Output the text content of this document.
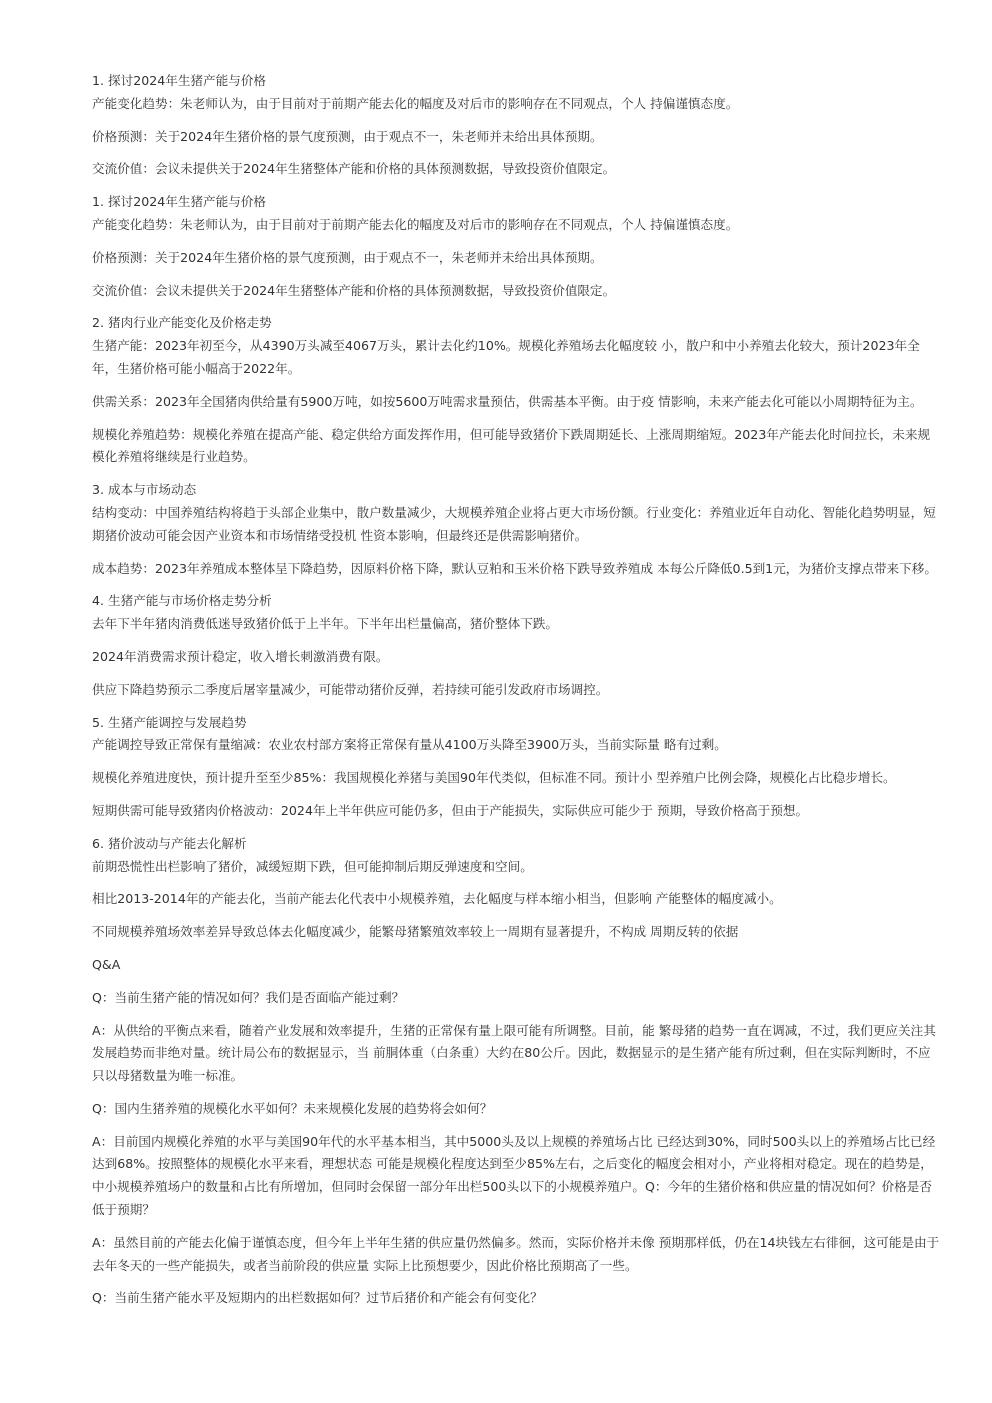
1. 探讨2024年生猪产能与价格

产能变化趋势：朱老师认为，由于目前对于前期产能去化的幅度及对后市的影响存在不同观点，个人 持偏谨慎态度。

价格预测：关于2024年生猪价格的景气度预测，由于观点不一，朱老师并未给出具体预期。

交流价值：会议未提供关于2024年生猪整体产能和价格的具体预测数据，导致投资价值限定。

1. 探讨2024年生猪产能与价格

产能变化趋势：朱老师认为，由于目前对于前期产能去化的幅度及对后市的影响存在不同观点，个人 持偏谨慎态度。

价格预测：关于2024年生猪价格的景气度预测，由于观点不一，朱老师并未给出具体预期。

交流价值：会议未提供关于2024年生猪整体产能和价格的具体预测数据，导致投资价值限定。

2. 猪肉行业产能变化及价格走势

生猪产能：2023年初至今，从4390万头减至4067万头，累计去化约10%。规模化养殖场去化幅度较 小，散户和中小养殖去化较大，预计2023年全年，生猪价格可能小幅高于2022年。

供需关系：2023年全国猪肉供给量有5900万吨，如按5600万吨需求量预估，供需基本平衡。由于疫 情影响，未来产能去化可能以小周期特征为主。

规模化养殖趋势：规模化养殖在提高产能、稳定供给方面发挥作用，但可能导致猪价下跌周期延长、上涨周期缩短。2023年产能去化时间拉长，未来规模化养殖将继续是行业趋势。

3. 成本与市场动态

结构变动：中国养殖结构将趋于头部企业集中，散户数量减少，大规模养殖企业将占更大市场份额。行业变化：养殖业近年自动化、智能化趋势明显，短期猪价波动可能会因产业资本和市场情绪受投机 性资本影响，但最终还是供需影响猪价。

成本趋势：2023年养殖成本整体呈下降趋势，因原料价格下降，默认豆粕和玉米价格下跌导致养殖成 本每公斤降低0.5到1元，为猪价支撑点带来下移。

4. 生猪产能与市场价格走势分析

去年下半年猪肉消费低迷导致猪价低于上半年。下半年出栏量偏高，猪价整体下跌。

2024年消费需求预计稳定，收入增长刺激消费有限。

供应下降趋势预示二季度后屠宰量减少，可能带动猪价反弹，若持续可能引发政府市场调控。

5. 生猪产能调控与发展趋势

产能调控导致正常保有量缩减：农业农村部方案将正常保有量从4100万头降至3900万头，当前实际量 略有过剩。

规模化养殖进度快，预计提升至至少85%：我国规模化养猪与美国90年代类似，但标准不同。预计小 型养殖户比例会降，规模化占比稳步增长。

短期供需可能导致猪肉价格波动：2024年上半年供应可能仍多，但由于产能损失，实际供应可能少于 预期，导致价格高于预想。

6. 猪价波动与产能去化解析

前期恐慌性出栏影响了猪价，减缓短期下跌，但可能抑制后期反弹速度和空间。

相比2013-2014年的产能去化，当前产能去化代表中小规模养殖，去化幅度与样本缩小相当，但影响 产能整体的幅度减小。

不同规模养殖场效率差异导致总体去化幅度减少，能繁母猪繁殖效率较上一周期有显著提升，不构成 周期反转的依据

Q&A

Q：当前生猪产能的情况如何？我们是否面临产能过剩？

A：从供给的平衡点来看，随着产业发展和效率提升，生猪的正常保有量上限可能有所调整。目前，能 繁母猪的趋势一直在调减，不过，我们更应关注其发展趋势而非绝对量。统计局公布的数据显示，当 前胴体重（白条重）大约在80公斤。因此，数据显示的是生猪产能有所过剩，但在实际判断时，不应 只以母猪数量为唯一标准。

Q：国内生猪养殖的规模化水平如何？未来规模化发展的趋势将会如何？

A：目前国内规模化养殖的水平与美国90年代的水平基本相当，其中5000头及以上规模的养殖场占比 已经达到30%，同时500头以上的养殖场占比已经达到68%。按照整体的规模化水平来看，理想状态 可能是规模化程度达到至少85%左右，之后变化的幅度会相对小，产业将相对稳定。现在的趋势是，中小规模养殖场户的数量和占比有所增加，但同时会保留一部分年出栏500头以下的小规模养殖户。Q：今年的生猪价格和供应量的情况如何？价格是否低于预期？

A：虽然目前的产能去化偏于谨慎态度，但今年上半年生猪的供应量仍然偏多。然而，实际价格并未像 预期那样低，仍在14块钱左右徘徊，这可能是由于去年冬天的一些产能损失，或者当前阶段的供应量 实际上比预想要少，因此价格比预期高了一些。

Q：当前生猪产能水平及短期内的出栏数据如何？过节后猪价和产能会有何变化？
